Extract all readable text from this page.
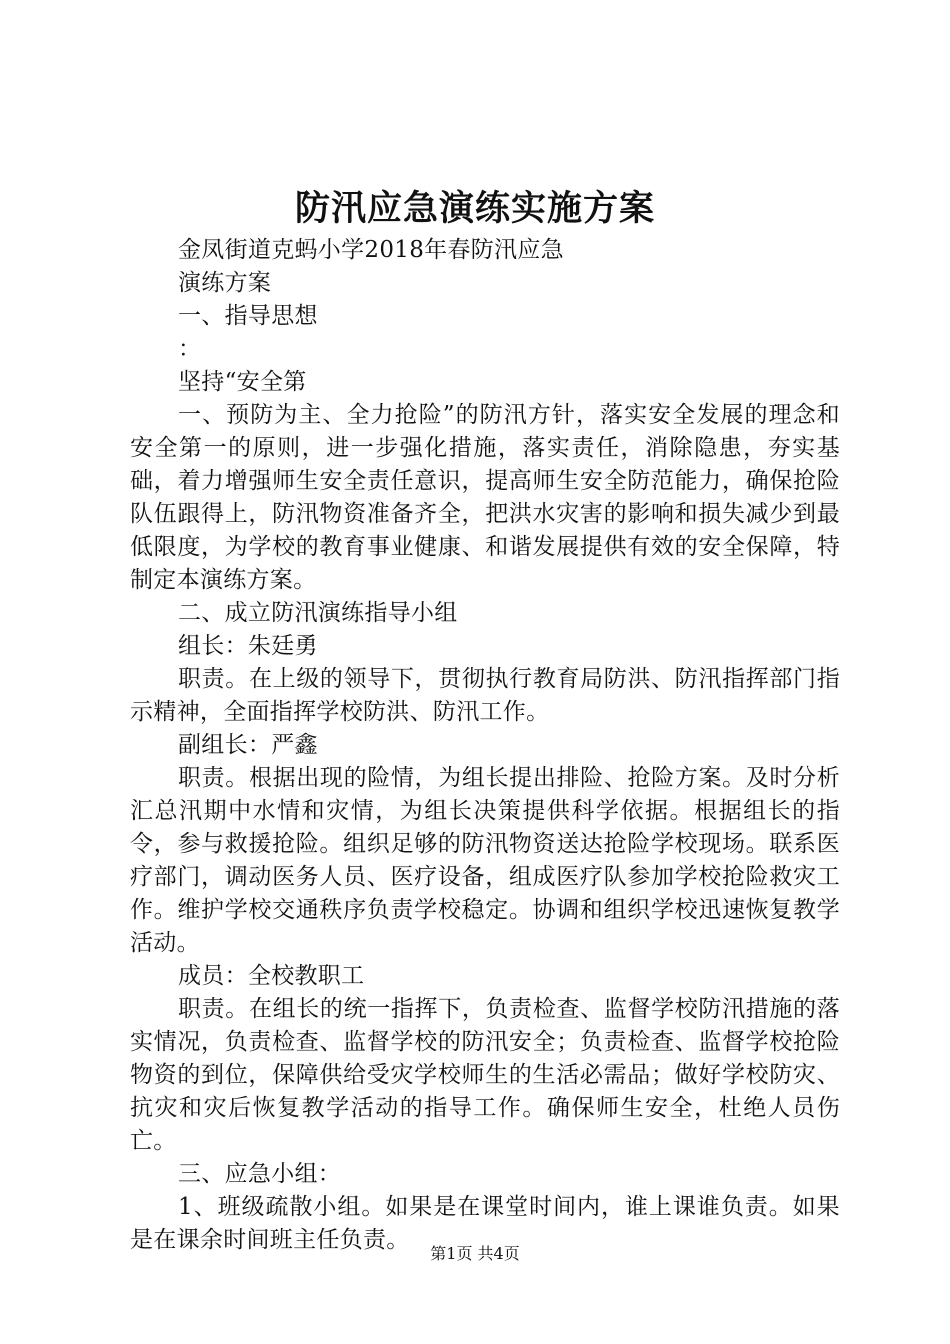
防汛应急演练实施方案

金凤街道克蚂小学2018年春防汛应急

演练方案

一、指导思想

：

坚持“安全第

一、预防为主、全力抢险”的防汛方针，落实安全发展的理念和安全第一的原则，进一步强化措施，落实责任，消除隐患，夯实基础，着力增强师生安全责任意识，提高师生安全防范能力，确保抢险队伍跟得上，防汛物资准备齐全，把洪水灾害的影响和损失减少到最低限度，为学校的教育事业健康、和谐发展提供有效的安全保障，特制定本演练方案。

二、成立防汛演练指导小组

组长：朱廷勇

职责。在上级的领导下，贯彻执行教育局防洪、防汛指挥部门指示精神，全面指挥学校防洪、防汛工作。

副组长：严鑫

职责。根据出现的险情，为组长提出排险、抢险方案。及时分析汇总汛期中水情和灾情，为组长决策提供科学依据。根据组长的指令，参与救援抢险。组织足够的防汛物资送达抢险学校现场。联系医疗部门，调动医务人员、医疗设备，组成医疗队参加学校抢险救灾工作。维护学校交通秩序负责学校稳定。协调和组织学校迅速恢复教学活动。

成员：全校教职工

职责。在组长的统一指挥下，负责检查、监督学校防汛措施的落实情况，负责检查、监督学校的防汛安全；负责检查、监督学校抢险物资的到位，保障供给受灾学校师生的生活必需品；做好学校防灾、抗灾和灾后恢复教学活动的指导工作。确保师生安全，杜绝人员伤亡。

三、应急小组：

1、班级疏散小组。如果是在课堂时间内，谁上课谁负责。如果是在课余时间班主任负责。

第1页 共4页
